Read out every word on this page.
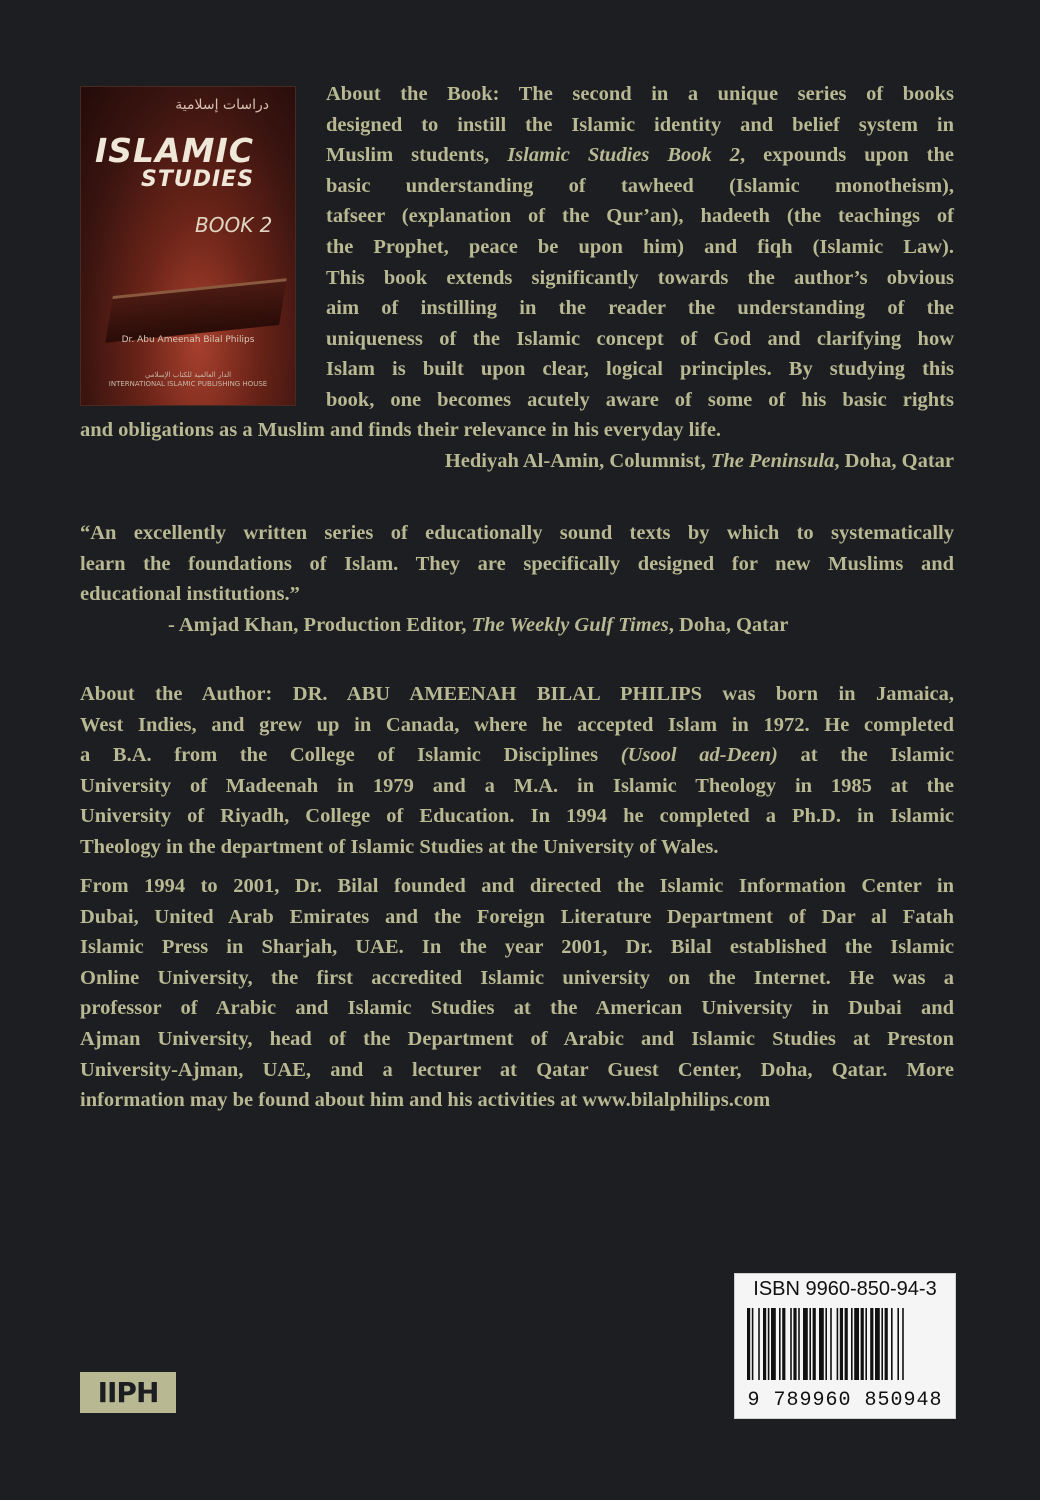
دراسات إسلامية
ISLAMIC
STUDIES
BOOK 2
Dr. Abu Ameenah Bilal Philips
الدار العالمية للكتاب الإسلامي
INTERNATIONAL ISLAMIC PUBLISHING HOUSE
About the Book: The second in a unique series of books
designed to instill the Islamic identity and belief system in
Muslim students, Islamic Studies Book 2, expounds upon the
basic understanding of tawheed (Islamic monotheism),
tafseer (explanation of the Qur’an), hadeeth (the teachings of
the Prophet, peace be upon him) and fiqh (Islamic Law).
This book extends significantly towards the author’s obvious
aim of instilling in the reader the understanding of the
uniqueness of the Islamic concept of God and clarifying how
Islam is built upon clear, logical principles. By studying this
book, one becomes acutely aware of some of his basic rights
and obligations as a Muslim and finds their relevance in his everyday life.
Hediyah Al-Amin, Columnist, The Peninsula, Doha, Qatar
“An excellently written series of educationally sound texts by which to systematically
learn the foundations of Islam. They are specifically designed for new Muslims and
educational institutions.”
- Amjad Khan, Production Editor, The Weekly Gulf Times, Doha, Qatar
About the Author: DR. ABU AMEENAH BILAL PHILIPS was born in Jamaica,
West Indies, and grew up in Canada, where he accepted Islam in 1972. He completed
a B.A. from the College of Islamic Disciplines (Usool ad-Deen) at the Islamic
University of Madeenah in 1979 and a M.A. in Islamic Theology in 1985 at the
University of Riyadh, College of Education. In 1994 he completed a Ph.D. in Islamic
Theology in the department of Islamic Studies at the University of Wales.
From 1994 to 2001, Dr. Bilal founded and directed the Islamic Information Center in
Dubai, United Arab Emirates and the Foreign Literature Department of Dar al Fatah
Islamic Press in Sharjah, UAE. In the year 2001, Dr. Bilal established the Islamic
Online University, the first accredited Islamic university on the Internet. He was a
professor of Arabic and Islamic Studies at the American University in Dubai and
Ajman University, head of the Department of Arabic and Islamic Studies at Preston
University-Ajman, UAE, and a lecturer at Qatar Guest Center, Doha, Qatar. More
information may be found about him and his activities at www.bilalphilips.com
IIPH
ISBN 9960-850-94-3
9 789960 850948
